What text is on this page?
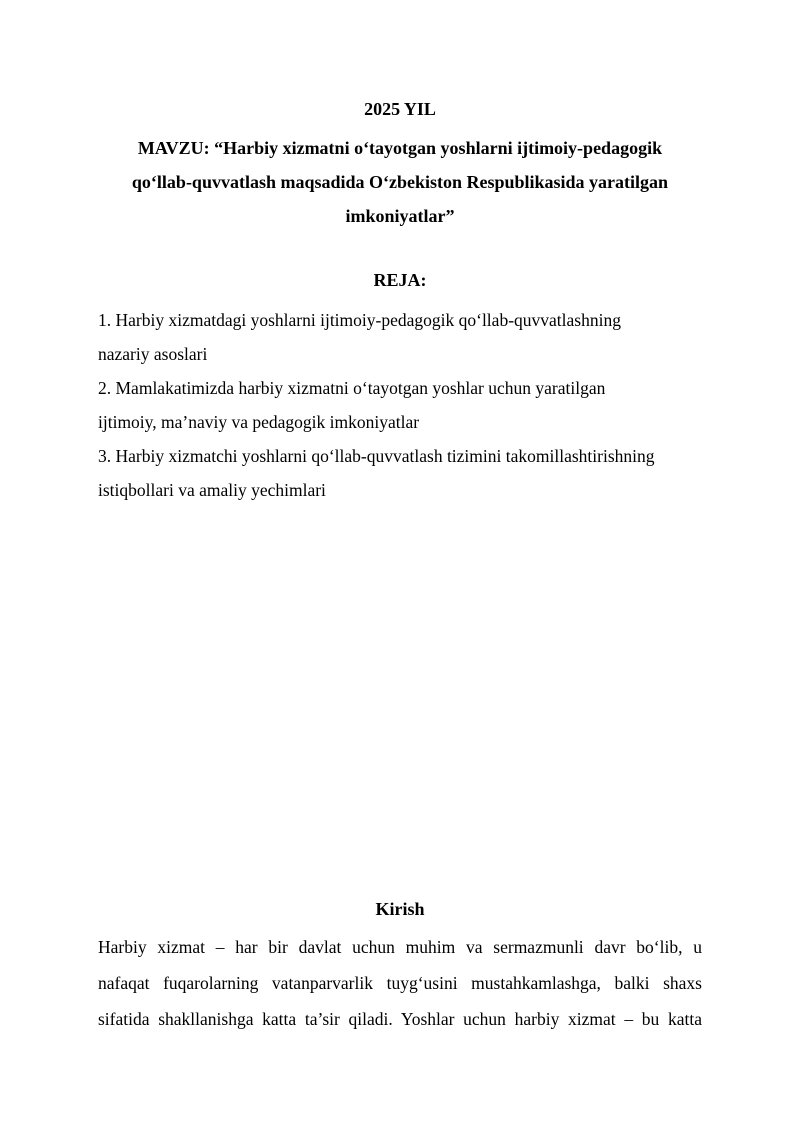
2025 YIL
MAVZU: “Harbiy xizmatni o‘tayotgan yoshlarni ijtimoiy-pedagogik
qo‘llab-quvvatlash maqsadida O‘zbekiston Respublikasida yaratilgan
imkoniyatlar”
REJA:
1. Harbiy xizmatdagi yoshlarni ijtimoiy-pedagogik qo‘llab-quvvatlashning
nazariy asoslari
2. Mamlakatimizda harbiy xizmatni o‘tayotgan yoshlar uchun yaratilgan
ijtimoiy, ma’naviy va pedagogik imkoniyatlar
3. Harbiy xizmatchi yoshlarni qo‘llab-quvvatlash tizimini takomillashtirishning
istiqbollari va amaliy yechimlari
Kirish
Harbiy xizmat – har bir davlat uchun muhim va sermazmunli davr bo‘lib, u
nafaqat fuqarolarning vatanparvarlik tuyg‘usini mustahkamlashga, balki shaxs
sifatida shakllanishga katta ta’sir qiladi. Yoshlar uchun harbiy xizmat – bu katta
